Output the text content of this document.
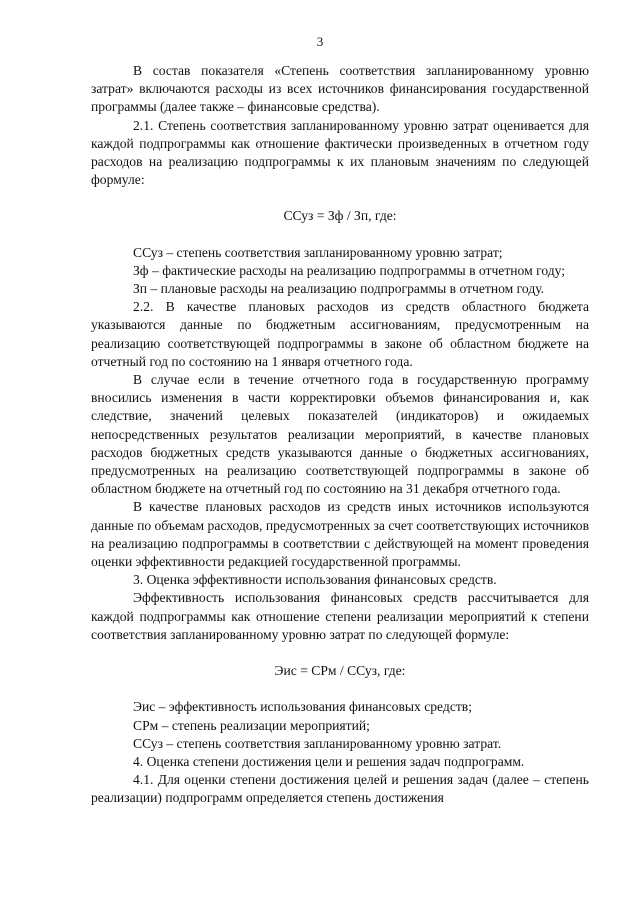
3

В состав показателя «Степень соответствия запланированному уровню затрат» включаются расходы из всех источников финансирования государственной программы (далее также – финансовые средства).

2.1. Степень соответствия запланированному уровню затрат оценивается для каждой подпрограммы как отношение фактически произведенных в отчетном году расходов на реализацию подпрограммы к их плановым значениям по следующей формуле:

ССуз = Зф / Зп, где:

ССуз – степень соответствия запланированному уровню затрат;

Зф – фактические расходы на реализацию подпрограммы в отчетном году;

Зп – плановые расходы на реализацию подпрограммы в отчетном году.

2.2. В качестве плановых расходов из средств областного бюджета указываются данные по бюджетным ассигнованиям, предусмотренным на реализацию соответствующей подпрограммы в законе об областном бюджете на отчетный год по состоянию на 1 января отчетного года.

В случае если в течение отчетного года в государственную программу вносились изменения в части корректировки объемов финансирования и, как следствие, значений целевых показателей (индикаторов) и ожидаемых непосредственных результатов реализации мероприятий, в качестве плановых расходов бюджетных средств указываются данные о бюджетных ассигнованиях, предусмотренных на реализацию соответствующей подпрограммы в законе об областном бюджете на отчетный год по состоянию на 31 декабря отчетного года.

В качестве плановых расходов из средств иных источников используются данные по объемам расходов, предусмотренных за счет соответствующих источников на реализацию подпрограммы в соответствии с действующей на момент проведения оценки эффективности редакцией государственной программы.

3. Оценка эффективности использования финансовых средств.

Эффективность использования финансовых средств рассчитывается для каждой подпрограммы как отношение степени реализации мероприятий к степени соответствия запланированному уровню затрат по следующей формуле:

Эис = СРм / ССуз, где:

Эис – эффективность использования финансовых средств;

СРм – степень реализации мероприятий;

ССуз – степень соответствия запланированному уровню затрат.

4. Оценка степени достижения цели и решения задач подпрограмм.

4.1. Для оценки степени достижения целей и решения задач (далее – степень реализации) подпрограмм определяется степень достижения
